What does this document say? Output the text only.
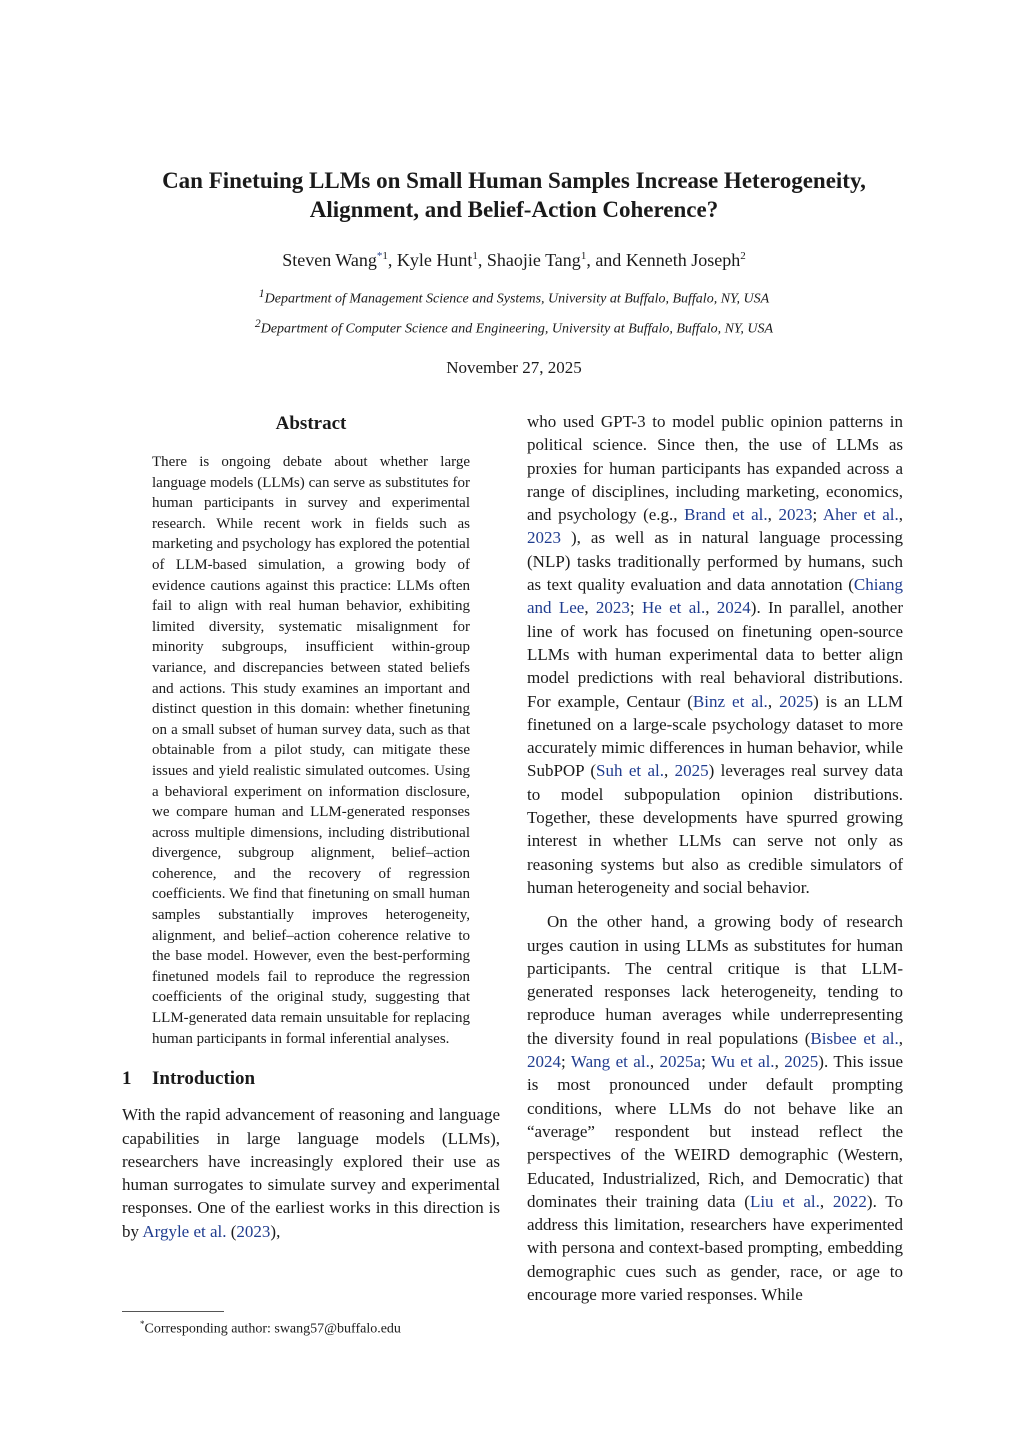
Can Finetuing LLMs on Small Human Samples Increase Heterogeneity,
Alignment, and Belief-Action Coherence?
Steven Wang$^{*1}$, Kyle Hunt$^1$, Shaojie Tang$^1$, and Kenneth Joseph$^2$
$^1$Department of Management Science and Systems, University at Buffalo, Buffalo, NY, USA
$^2$Department of Computer Science and Engineering, University at Buffalo, Buffalo, NY, USA
November 27, 2025
Abstract

There is ongoing debate about whether large language models (LLMs) can serve as substitutes for human participants in survey and experimental research. While recent work in fields such as marketing and psychology has explored the potential of LLM-based simulation, a growing body of evidence cautions against this practice: LLMs often fail to align with real human behavior, exhibiting limited diversity, systematic misalignment for minority subgroups, insufficient within-group variance, and discrepancies between stated beliefs and actions. This study examines an important and distinct question in this domain: whether finetuning on a small subset of human survey data, such as that obtainable from a pilot study, can mitigate these issues and yield realistic simulated outcomes. Using a behavioral experiment on information disclosure, we compare human and LLM-generated responses across multiple dimensions, including distributional divergence, subgroup alignment, belief–action coherence, and the recovery of regression coefficients. We find that finetuning on small human samples substantially improves heterogeneity, alignment, and belief–action coherence relative to the base model. However, even the best-performing finetuned models fail to reproduce the regression coefficients of the original study, suggesting that LLM-generated data remain unsuitable for replacing human participants in formal inferential analyses.

1 Introduction

With the rapid advancement of reasoning and language capabilities in large language models (LLMs), researchers have increasingly explored their use as human surrogates to simulate survey and experimental responses. One of the earliest works in this direction is by Argyle et al. (2023),

who used GPT-3 to model public opinion patterns in political science. Since then, the use of LLMs as proxies for human participants has expanded across a range of disciplines, including marketing, economics, and psychology (e.g., Brand et al., 2023; Aher et al., 2023 ), as well as in natural language processing (NLP) tasks traditionally performed by humans, such as text quality evaluation and data annotation (Chiang and Lee, 2023; He et al., 2024). In parallel, another line of work has focused on finetuning open-source LLMs with human experimental data to better align model predictions with real behavioral distributions. For example, Centaur (Binz et al., 2025) is an LLM finetuned on a large-scale psychology dataset to more accurately mimic differences in human behavior, while SubPOP (Suh et al., 2025) leverages real survey data to model subpopulation opinion distributions. Together, these developments have spurred growing interest in whether LLMs can serve not only as reasoning systems but also as credible simulators of human heterogeneity and social behavior.

On the other hand, a growing body of research urges caution in using LLMs as substitutes for human participants. The central critique is that LLM-generated responses lack heterogeneity, tending to reproduce human averages while underrepresenting the diversity found in real populations (Bisbee et al., 2024; Wang et al., 2025a; Wu et al., 2025). This issue is most pronounced under default prompting conditions, where LLMs do not behave like an “average” respondent but instead reflect the perspectives of the WEIRD demographic (Western, Educated, Industrialized, Rich, and Democratic) that dominates their training data (Liu et al., 2022). To address this limitation, researchers have experimented with persona and context-based prompting, embedding demographic cues such as gender, race, or age to encourage more varied responses. While

*Corresponding author: swang57@buffalo.edu
